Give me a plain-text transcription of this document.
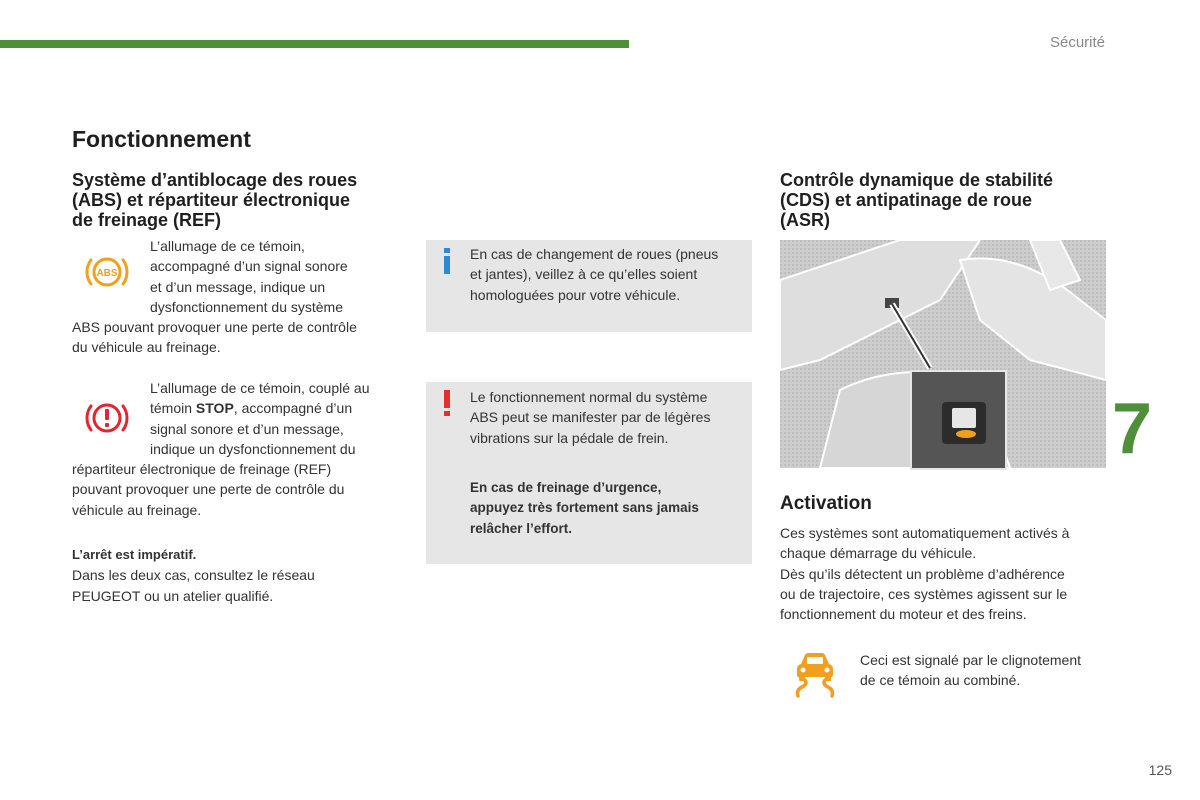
Sécurité
Fonctionnement
Système d’antiblocage des roues
(ABS) et répartiteur électronique
de freinage (REF)
ABS

L’allumage de ce témoin,

accompagné d’un signal sonore

et d’un message, indique un

dysfonctionnement du système

ABS pouvant provoquer une perte de contrôle

du véhicule au freinage.

L’allumage de ce témoin, couplé au

témoin STOP, accompagné d’un

signal sonore et d’un message,

indique un dysfonctionnement du

répartiteur électronique de freinage (REF)

pouvant provoquer une perte de contrôle du

véhicule au freinage.

L’arrêt est impératif.

Dans les deux cas, consultez le réseau

PEUGEOT ou un atelier qualifié.

En cas de changement de roues (pneus
et jantes), veillez à ce qu’elles soient
homologuées pour votre véhicule.
Le fonctionnement normal du système
ABS peut se manifester par de légères
vibrations sur la pédale de frein.
En cas de freinage d’urgence,
appuyez très fortement sans jamais
relâcher l’effort.
Contrôle dynamique de stabilité
(CDS) et antipatinage de roue
(ASR)
Activation

Ces systèmes sont automatiquement activés à

chaque démarrage du véhicule.

Dès qu’ils détectent un problème d’adhérence

ou de trajectoire, ces systèmes agissent sur le

fonctionnement du moteur et des freins.

Ceci est signalé par le clignotement

de ce témoin au combiné.

7
125
